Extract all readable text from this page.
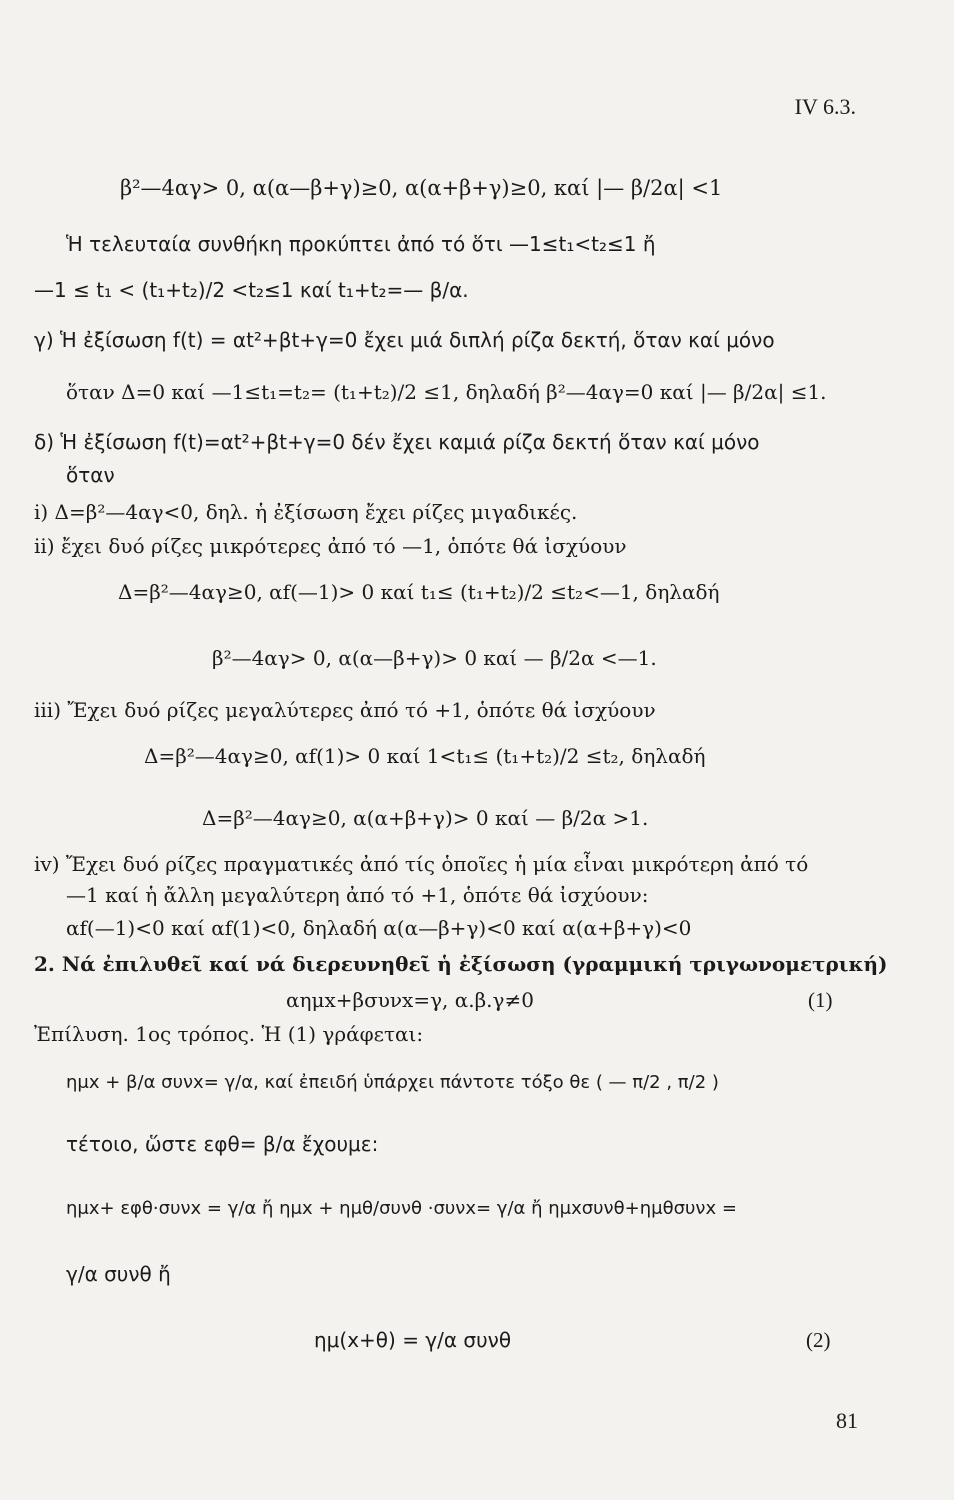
IV 6.3.
β²—4αγ> 0, α(α—β+γ)≥0, α(α+β+γ)≥0, καί |— β/2α| <1
Ἡ τελευταία συνθήκη προκύπτει ἀπό τό ὅτι —1≤t₁<t₂≤1 ἤ
—1 ≤ t₁ < (t₁+t₂)/2 <t₂≤1 καί t₁+t₂=— β/α.
γ) Ἡ ἐξίσωση f(t) = αt²+βt+γ=0 ἔχει μιά διπλή ρίζα δεκτή, ὅταν καί μόνο
ὅταν Δ=0 καί —1≤t₁=t₂= (t₁+t₂)/2 ≤1, δηλαδή β²—4αγ=0 καί |— β/2α| ≤1.
δ) Ἡ ἐξίσωση f(t)=αt²+βt+γ=0 δέν ἔχει καμιά ρίζα δεκτή ὅταν καί μόνο
ὅταν
i) Δ=β²—4αγ<0, δηλ. ἡ ἐξίσωση ἔχει ρίζες μιγαδικές.
ii) ἔχει δυό ρίζες μικρότερες ἀπό τό —1, ὁπότε θά ἰσχύουν
Δ=β²—4αγ≥0, αf(—1)> 0 καί t₁≤ (t₁+t₂)/2 ≤t₂<—1, δηλαδή
β²—4αγ> 0, α(α—β+γ)> 0 καί — β/2α <—1.
iii) Ἔχει δυό ρίζες μεγαλύτερες ἀπό τό +1, ὁπότε θά ἰσχύουν
Δ=β²—4αγ≥0, αf(1)> 0 καί 1<t₁≤ (t₁+t₂)/2 ≤t₂, δηλαδή
Δ=β²—4αγ≥0, α(α+β+γ)> 0 καί — β/2α >1.
iv) Ἔχει δυό ρίζες πραγματικές ἀπό τίς ὁποῖες ἡ μία εἶναι μικρότερη ἀπό τό
—1 καί ἡ ἄλλη μεγαλύτερη ἀπό τό +1, ὁπότε θά ἰσχύουν:
αf(—1)<0 καί αf(1)<0, δηλαδή α(α—β+γ)<0 καί α(α+β+γ)<0
2. Νά ἐπιλυθεῖ καί νά διερευνηθεῖ ἡ ἐξίσωση (γραμμική τριγωνομετρική)
αημx+βσυνx=γ, α.β.γ≠0	(1)
Ἐπίλυση. 1ος τρόπος. Ἡ (1) γράφεται:
ημx + β/α συνx= γ/α, καί ἐπειδή ὑπάρχει πάντοτε τόξο θε ( — π/2 , π/2 )
τέτοιο, ὥστε εφθ= β/α ἔχουμε:
ημx+ εφθ·συνx = γ/α ἤ ημx + ημθ/συνθ ·συνx= γ/α ἤ ημxσυνθ+ημθσυνx =
γ/α συνθ ἤ
ημ(x+θ) = γ/α συνθ	(2)
81
